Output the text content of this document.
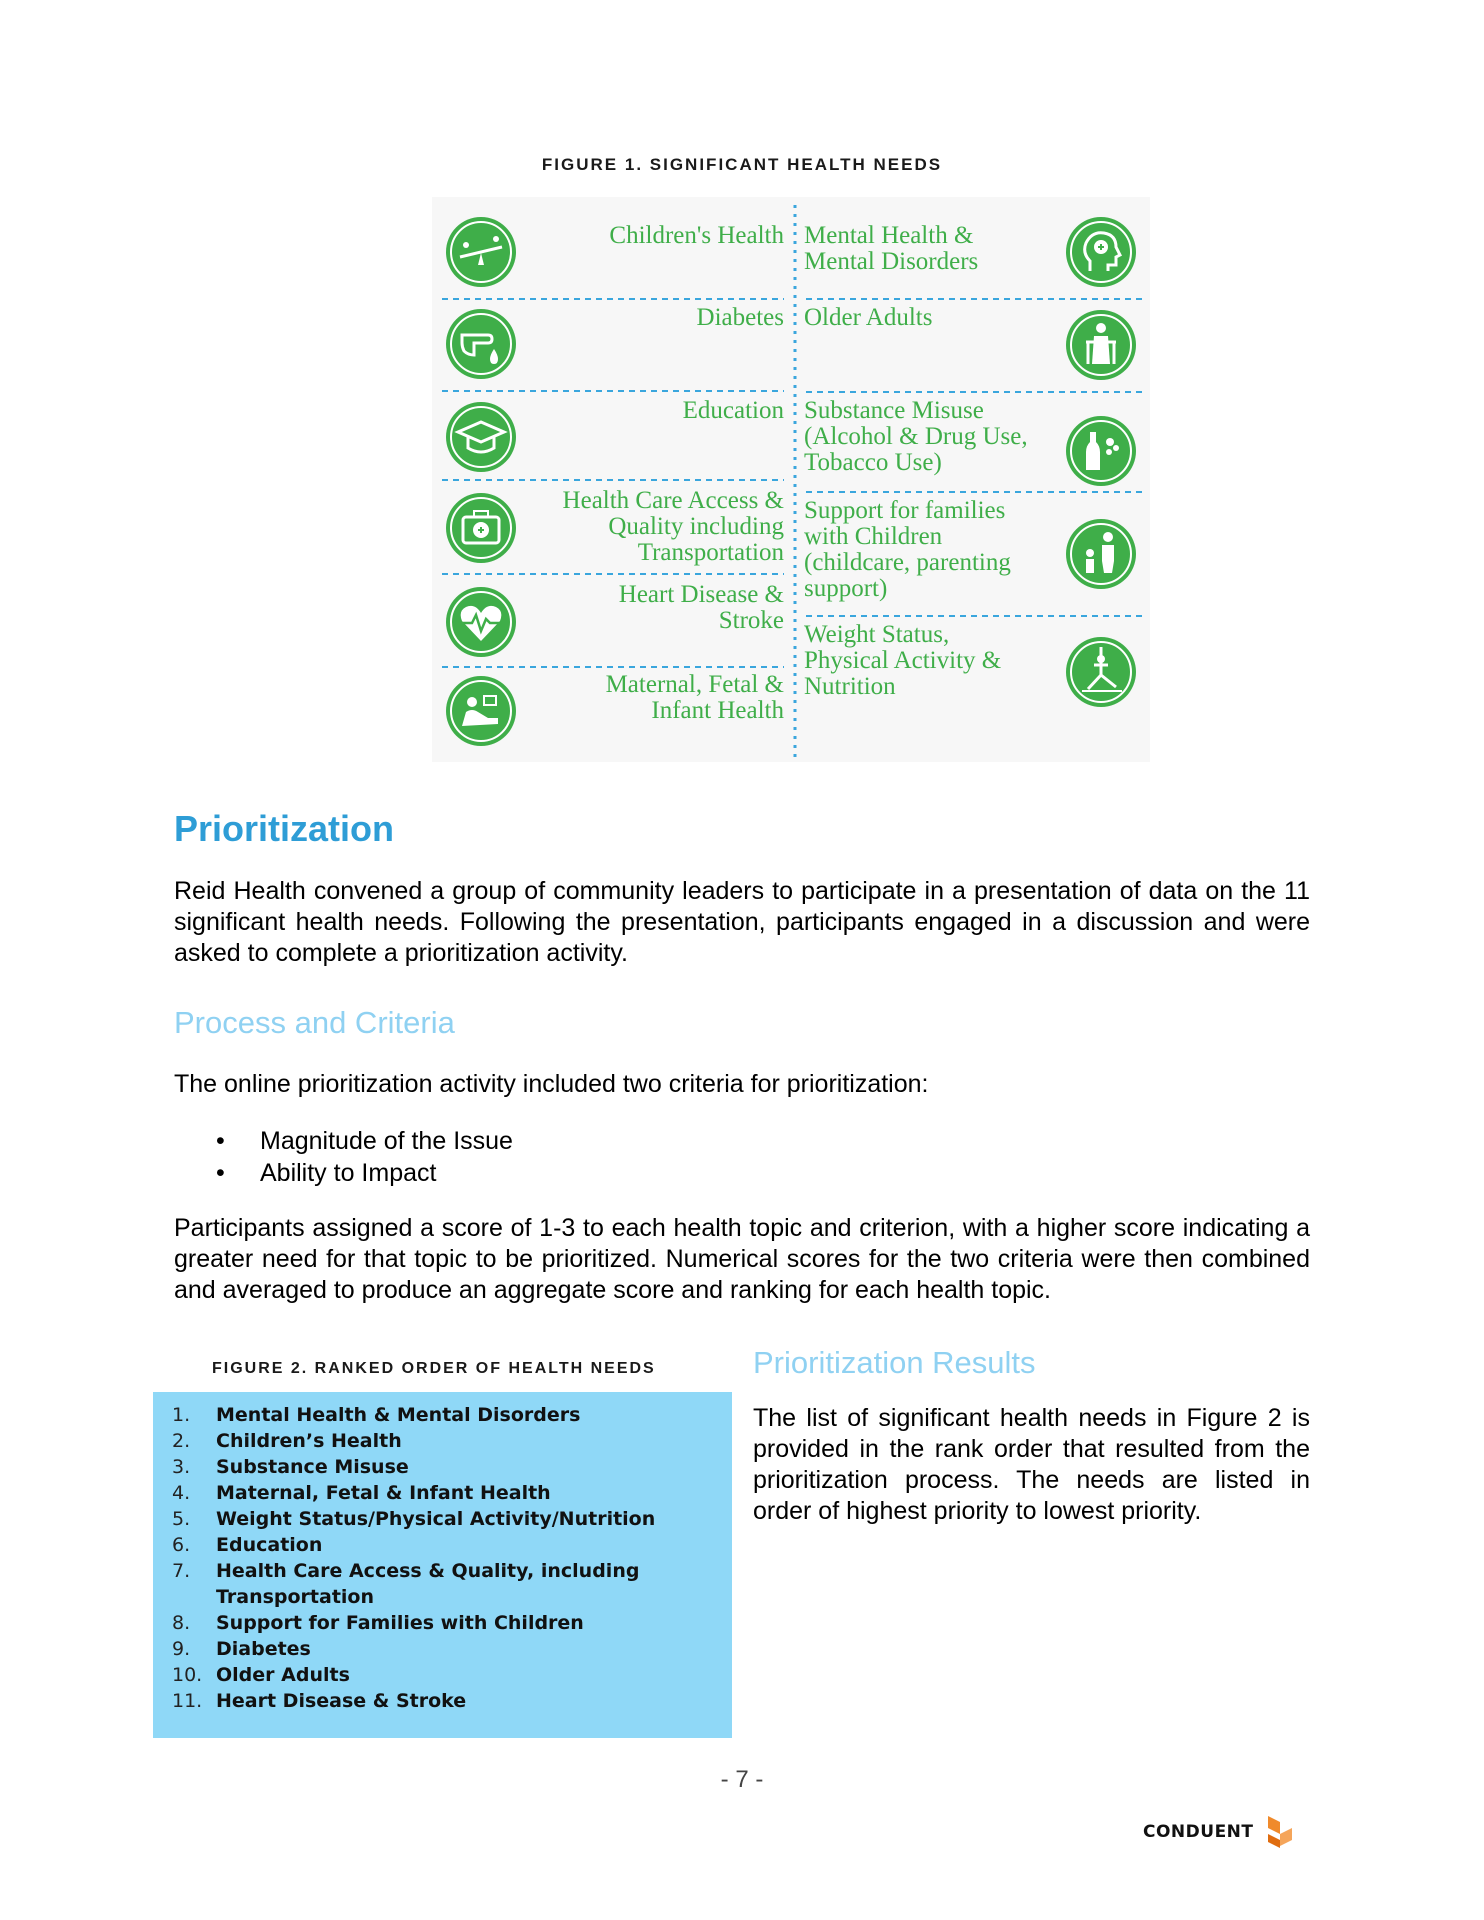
FIGURE 1. SIGNIFICANT HEALTH NEEDS
Children's Health
Diabetes
Education
Health Care Access & Quality including Transportation
Heart Disease & Stroke
Maternal, Fetal & Infant Health
Mental Health & Mental Disorders
Older Adults
Substance Misuse (Alcohol & Drug Use, Tobacco Use)
Support for families with Children (childcare, parenting support)
Weight Status, Physical Activity & Nutrition
Prioritization

Reid Health convened a group of community leaders to participate in a presentation of data on the 11 significant health needs. Following the presentation, participants engaged in a discussion and were asked to complete a prioritization activity.

Process and Criteria

The online prioritization activity included two criteria for prioritization:

• Magnitude of the Issue
• Ability to Impact

Participants assigned a score of 1-3 to each health topic and criterion, with a higher score indicating a greater need for that topic to be prioritized. Numerical scores for the two criteria were then combined and averaged to produce an aggregate score and ranking for each health topic.

FIGURE 2. RANKED ORDER OF HEALTH NEEDS
1. Mental Health & Mental Disorders
2. Children’s Health
3. Substance Misuse
4. Maternal, Fetal & Infant Health
5. Weight Status/Physical Activity/Nutrition
6. Education
7. Health Care Access & Quality, including Transportation
8. Support for Families with Children
9. Diabetes
10. Older Adults
11. Heart Disease & Stroke
Prioritization Results

The list of significant health needs in Figure 2 is provided in the rank order that resulted from the prioritization process. The needs are listed in order of highest priority to lowest priority.

- 7 -
CONDUENT
